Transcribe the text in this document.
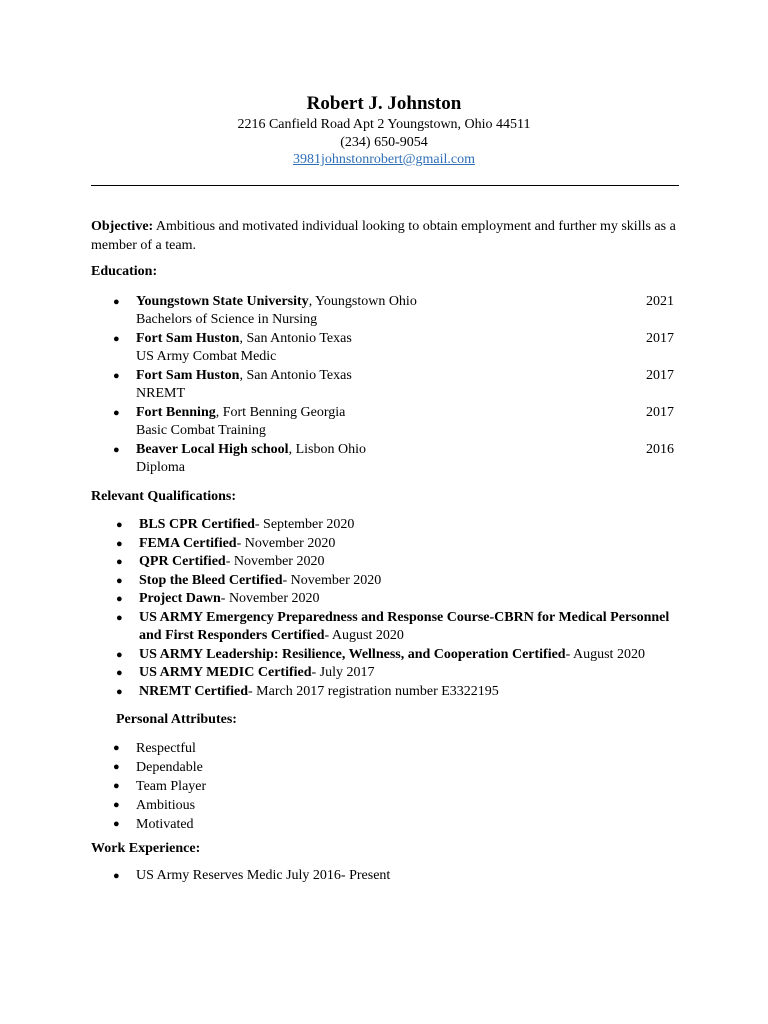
Robert J. Johnston
2216 Canfield Road Apt 2 Youngstown, Ohio 44511
(234) 650-9054
3981johnstonrobert@gmail.com

Objective: Ambitious and motivated individual looking to obtain employment and further my skills as a member of a team.

Education:

● Youngstown State University, Youngstown Ohio	2021

Bachelors of Science in Nursing
● Fort Sam Huston, San Antonio Texas	2017

US Army Combat Medic
● Fort Sam Huston, San Antonio Texas	2017

NREMT
● Fort Benning, Fort Benning Georgia	2017

Basic Combat Training
● Beaver Local High school, Lisbon Ohio	2016

Diploma

Relevant Qualifications:

● BLS CPR Certified- September 2020
● FEMA Certified- November 2020
● QPR Certified- November 2020
● Stop the Bleed Certified- November 2020
● Project Dawn- November 2020
● US ARMY Emergency Preparedness and Response Course-CBRN for Medical Personnel and First Responders Certified- August 2020
● US ARMY Leadership: Resilience, Wellness, and Cooperation Certified- August 2020
● US ARMY MEDIC Certified- July 2017
● NREMT Certified- March 2017 registration number E3322195

Personal Attributes:

● Respectful
● Dependable
● Team Player
● Ambitious
● Motivated

Work Experience:

● US Army Reserves Medic July 2016- Present
